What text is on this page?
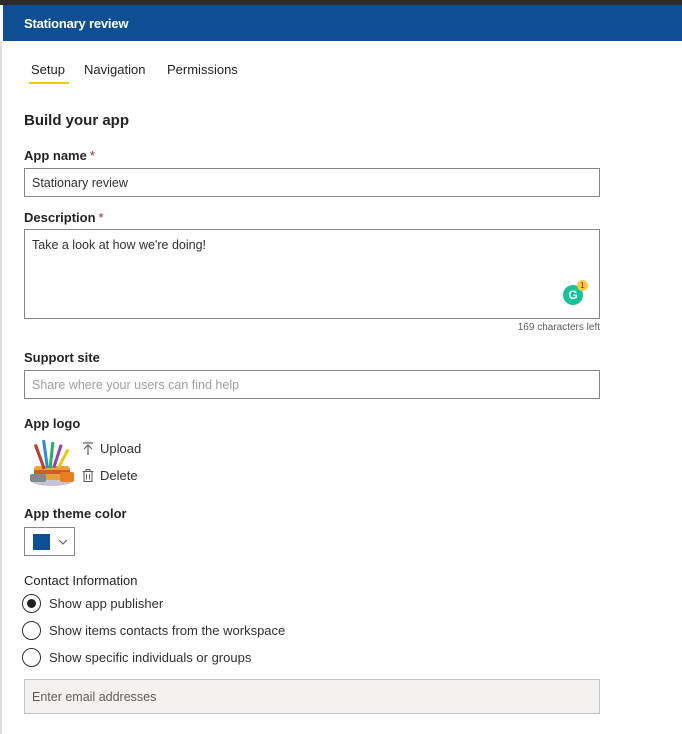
Stationary review
Setup Navigation Permissions
Build your app
App name *
Stationary review
Description *
Take a look at how we're doing!
G
1
169 characters left
Support site
Share where your users can find help
App logo
Upload
Delete
App theme color
Contact Information
Show app publisher
Show items contacts from the workspace
Show specific individuals or groups
Enter email addresses
